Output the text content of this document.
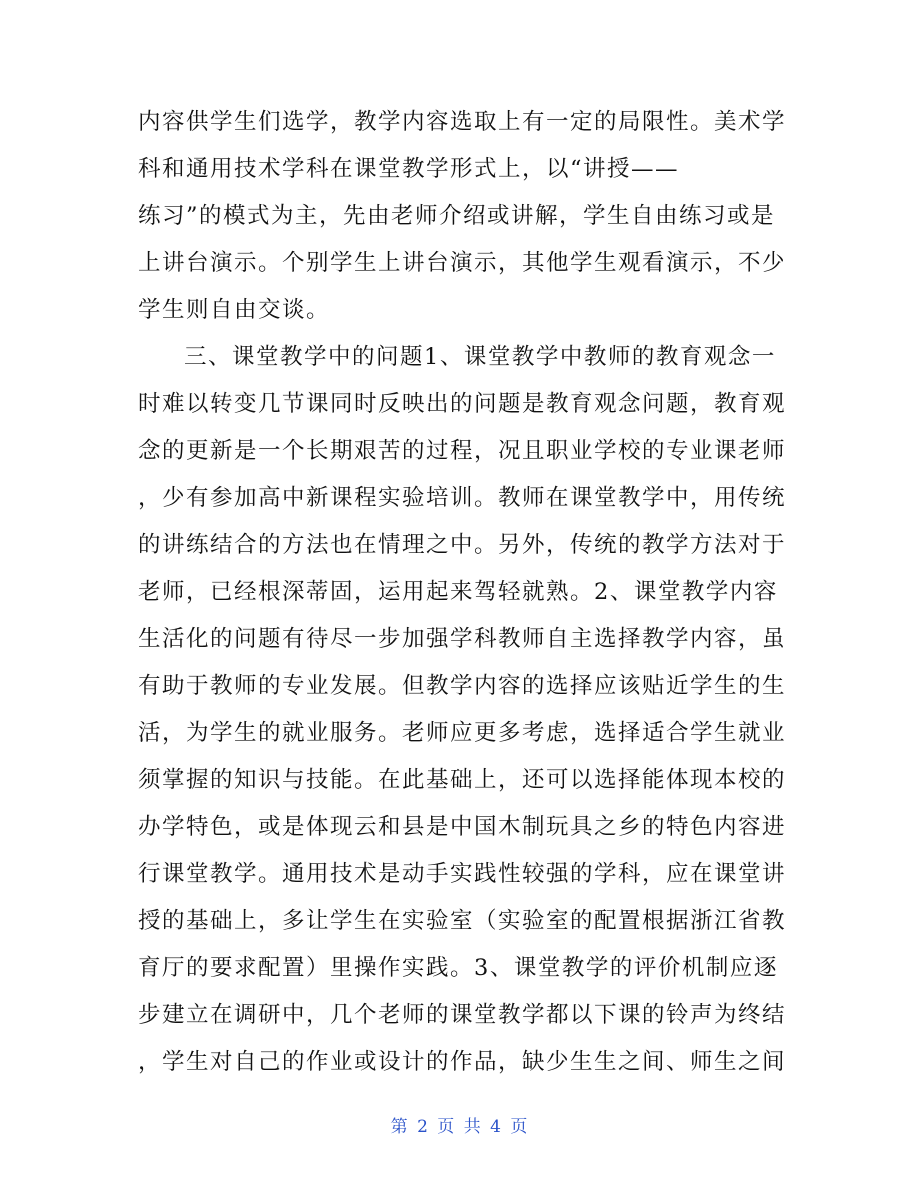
内容供学生们选学，教学内容选取上有一定的局限性。美术学
科和通用技术学科在课堂教学形式上，以“讲授——
练习”的模式为主，先由老师介绍或讲解，学生自由练习或是
上讲台演示。个别学生上讲台演示，其他学生观看演示，不少
学生则自由交谈。
三、课堂教学中的问题1、课堂教学中教师的教育观念一
时难以转变几节课同时反映出的问题是教育观念问题，教育观
念的更新是一个长期艰苦的过程，况且职业学校的专业课老师
，少有参加高中新课程实验培训。教师在课堂教学中，用传统
的讲练结合的方法也在情理之中。另外，传统的教学方法对于
老师，已经根深蒂固，运用起来驾轻就熟。2、课堂教学内容
生活化的问题有待尽一步加强学科教师自主选择教学内容，虽
有助于教师的专业发展。但教学内容的选择应该贴近学生的生
活，为学生的就业服务。老师应更多考虑，选择适合学生就业
须掌握的知识与技能。在此基础上，还可以选择能体现本校的
办学特色，或是体现云和县是中国木制玩具之乡的特色内容进
行课堂教学。通用技术是动手实践性较强的学科，应在课堂讲
授的基础上，多让学生在实验室（实验室的配置根据浙江省教
育厅的要求配置）里操作实践。3、课堂教学的评价机制应逐
步建立在调研中，几个老师的课堂教学都以下课的铃声为终结
，学生对自己的作业或设计的作品，缺少生生之间、师生之间
第 2 页 共 4 页
